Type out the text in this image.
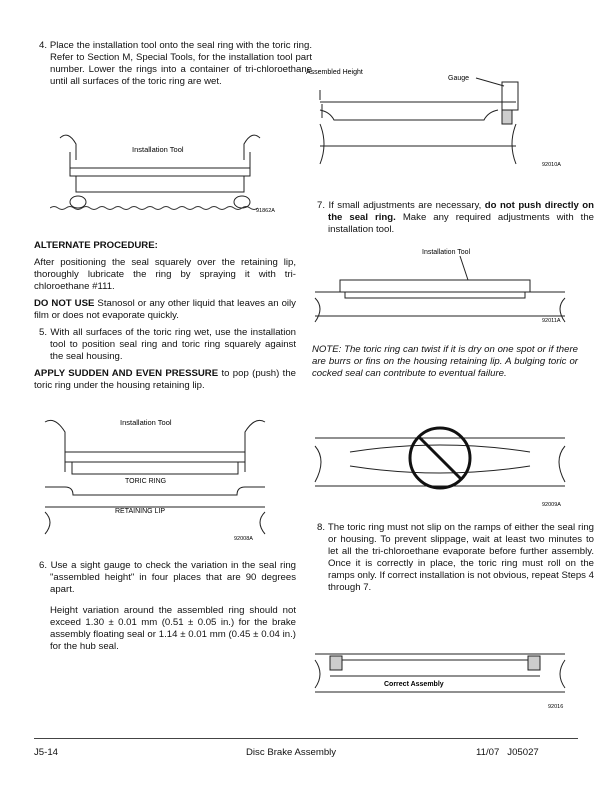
4. Place the installation tool onto the seal ring with the toric ring. Refer to Section M, Special Tools, for the installation tool part number. Lower the rings into a container of tri-chloroethane until all surfaces of the toric ring are wet.
Installation Tool
91862A

ALTERNATE PROCEDURE:

After positioning the seal squarely over the retaining lip, thoroughly lubricate the ring by spraying it with tri-chloroethane #111.

DO NOT USE Stanosol or any other liquid that leaves an oily film or does not evaporate quickly.

5. With all surfaces of the toric ring wet, use the installation tool to position seal ring and toric ring squarely against the seal housing.

APPLY SUDDEN AND EVEN PRESSURE to pop (push) the toric ring under the housing retaining lip.

Installation Tool
TORIC RING
RETAINING LIP
92008A

6. Use a sight gauge to check the variation in the seal ring "assembled height" in four places that are 90 degrees apart.

Height variation around the assembled ring should not exceed 1.30 ± 0.01 mm (0.51 ± 0.05 in.) for the brake assembly floating seal or 1.14 ± 0.01 mm (0.45 ± 0.04 in.) for the hub seal.

Assembled Height
Gauge
92010A
7. If small adjustments are necessary, do not push directly on the seal ring. Make any required adjustments with the installation tool.
Installation Tool
92011A
NOTE: The toric ring can twist if it is dry on one spot or if there are burrs or fins on the housing retaining lip. A bulging toric or cocked seal can contribute to eventual failure.
92009A
8. The toric ring must not slip on the ramps of either the seal ring or housing. To prevent slippage, wait at least two minutes to let all the tri-chloroethane evaporate before further assembly. Once it is correctly in place, the toric ring must roll on the ramps only. If correct installation is not obvious, repeat Steps 4 through 7.
Correct Assembly
92016
J5-14	Disc Brake Assembly	11/07   J05027
